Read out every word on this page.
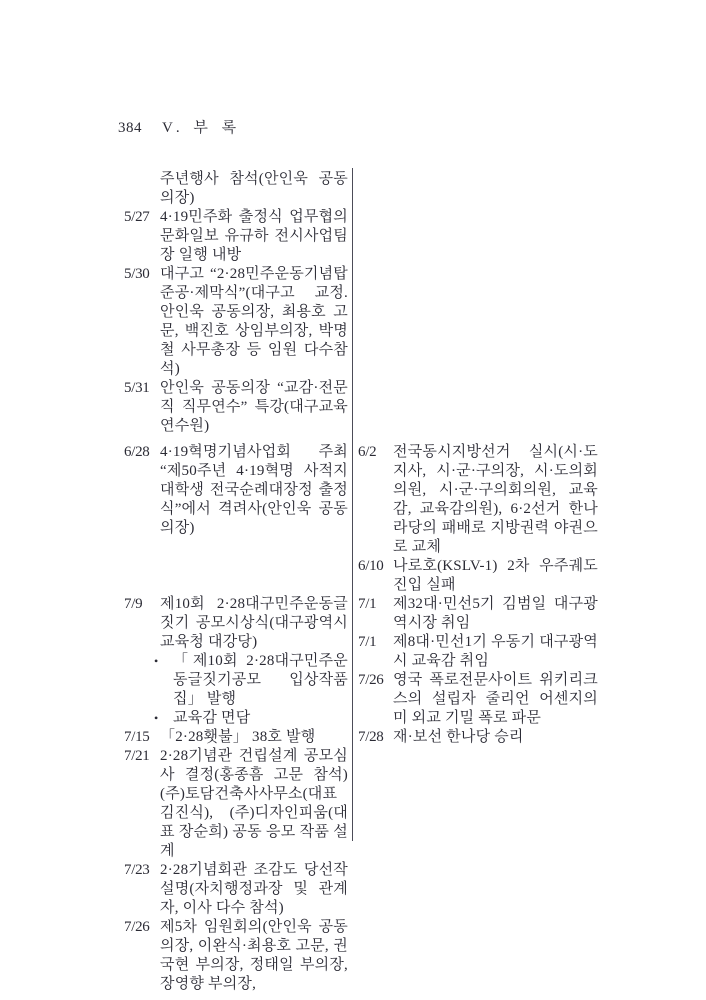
384 V. 부 록
주년행사 참석(안인욱 공동의장)
5/27 4·19민주화 출정식 업무협의 문화일보 유규하 전시사업팀장 일행 내방
5/30 대구고 “2·28민주운동기념탑 준공·제막식”(대구고 교정. 안인욱 공동의장, 최용호 고문, 백진호 상임부의장, 박명철 사무총장 등 임원 다수참석)
5/31 안인욱 공동의장 “교감·전문직 직무연수” 특강(대구교육연수원)
6/28 4·19혁명기념사업회 주최 “제50주년 4·19혁명 사적지 대학생 전국순례대장정 출정식”에서 격려사(안인욱 공동의장)
6/2	전국동시지방선거 실시(시·도지사, 시·군·구의장, 시·도의회의원, 시·군·구의회의원, 교육감, 교육감의원), 6·2선거 한나라당의 패배로 지방권력 야권으로 교체
6/10 나로호(KSLV-1) 2차 우주궤도 진입 실패
7/9	제10회 2·28대구민주운동글짓기 공모시상식(대구광역시교육청 대강당)
• 「제10회 2·28대구민주운동글짓기공모 입상작품집」 발행
• 교육감 면담
7/15 「2·28횃불」 38호 발행
7/21 2·28기념관 건립설계 공모심사 결정(홍종흠 고문 참석) (주)토담건축사사무소(대표 김진식), (주)디자인피움(대표 장순희) 공동 응모 작품 설계
7/23 2·28기념회관 조감도 당선작 설명(자치행정과장 및 관계자, 이사 다수 참석)
7/26 제5차 임원회의(안인욱 공동의장, 이완식·최용호 고문, 권국현 부의장, 정태일 부의장, 장영향 부의장,
7/1	제32대·민선5기 김범일 대구광역시장 취임
7/1	제8대·민선1기 우동기 대구광역시 교육감 취임
7/26 영국 폭로전문사이트 위키리크스의 설립자 줄리언 어센지의 미 외교 기밀 폭로 파문
7/28 재·보선 한나당 승리
